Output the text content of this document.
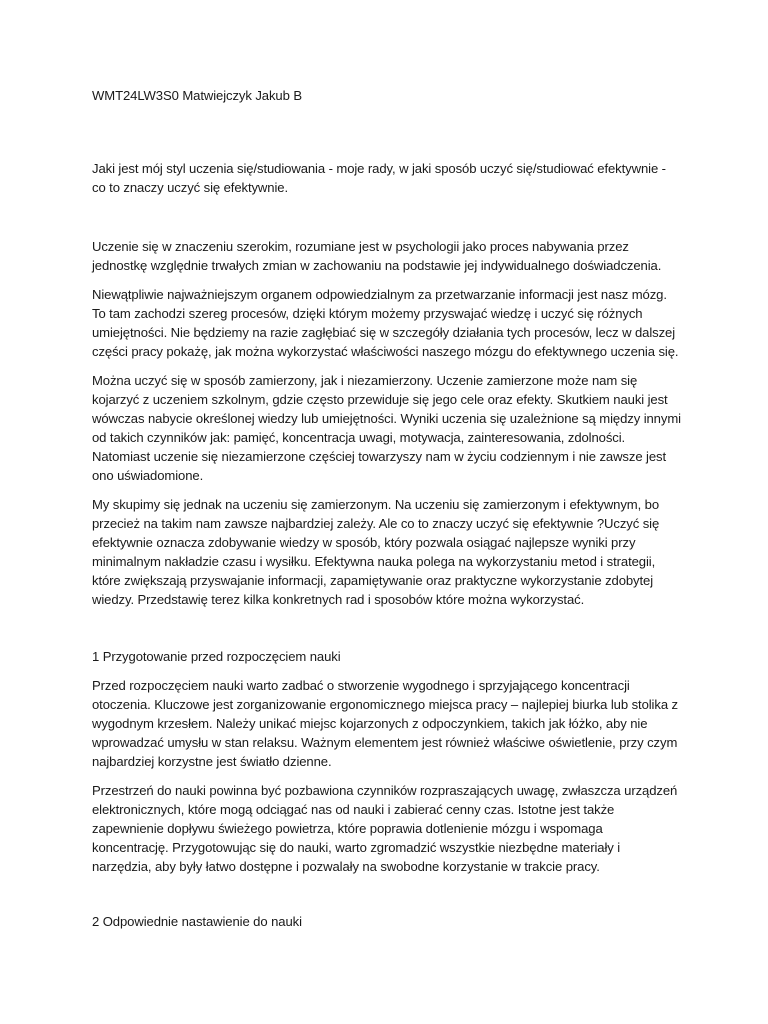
WMT24LW3S0 Matwiejczyk Jakub B

Jaki jest mój styl uczenia się/studiowania - moje rady, w jaki sposób uczyć się/studiować efektywnie - co to znaczy uczyć się efektywnie.

Uczenie się w znaczeniu szerokim, rozumiane jest w psychologii jako proces nabywania przez jednostkę względnie trwałych zmian w zachowaniu na podstawie jej indywidualnego doświadczenia.

Niewątpliwie najważniejszym organem odpowiedzialnym za przetwarzanie informacji jest nasz mózg. To tam zachodzi szereg procesów, dzięki którym możemy przyswajać wiedzę i uczyć się różnych umiejętności. Nie będziemy na razie zagłębiać się w szczegóły działania tych procesów, lecz w dalszej części pracy pokażę, jak można wykorzystać właściwości naszego mózgu do efektywnego uczenia się.

Można uczyć się w sposób zamierzony, jak i niezamierzony. Uczenie zamierzone może nam się kojarzyć z uczeniem szkolnym, gdzie często przewiduje się jego cele oraz efekty. Skutkiem nauki jest wówczas nabycie określonej wiedzy lub umiejętności. Wyniki uczenia się uzależnione są między innymi od takich czynników jak: pamięć, koncentracja uwagi, motywacja, zainteresowania, zdolności. Natomiast uczenie się niezamierzone częściej towarzyszy nam w życiu codziennym i nie zawsze jest ono uświadomione.

My skupimy się jednak na uczeniu się zamierzonym. Na uczeniu się zamierzonym i efektywnym, bo przecież na takim nam zawsze najbardziej zależy. Ale co to znaczy uczyć się efektywnie ?Uczyć się efektywnie oznacza zdobywanie wiedzy w sposób, który pozwala osiągać najlepsze wyniki przy minimalnym nakładzie czasu i wysiłku. Efektywna nauka polega na wykorzystaniu metod i strategii, które zwiększają przyswajanie informacji, zapamiętywanie oraz praktyczne wykorzystanie zdobytej wiedzy. Przedstawię terez kilka konkretnych rad i sposobów które można wykorzystać.

1 Przygotowanie przed rozpoczęciem nauki

Przed rozpoczęciem nauki warto zadbać o stworzenie wygodnego i sprzyjającego koncentracji otoczenia. Kluczowe jest zorganizowanie ergonomicznego miejsca pracy – najlepiej biurka lub stolika z wygodnym krzesłem. Należy unikać miejsc kojarzonych z odpoczynkiem, takich jak łóżko, aby nie wprowadzać umysłu w stan relaksu. Ważnym elementem jest również właściwe oświetlenie, przy czym najbardziej korzystne jest światło dzienne.

Przestrzeń do nauki powinna być pozbawiona czynników rozpraszających uwagę, zwłaszcza urządzeń elektronicznych, które mogą odciągać nas od nauki i zabierać cenny czas. Istotne jest także zapewnienie dopływu świeżego powietrza, które poprawia dotlenienie mózgu i wspomaga koncentrację. Przygotowując się do nauki, warto zgromadzić wszystkie niezbędne materiały i narzędzia, aby były łatwo dostępne i pozwalały na swobodne korzystanie w trakcie pracy.

2 Odpowiednie nastawienie do nauki
